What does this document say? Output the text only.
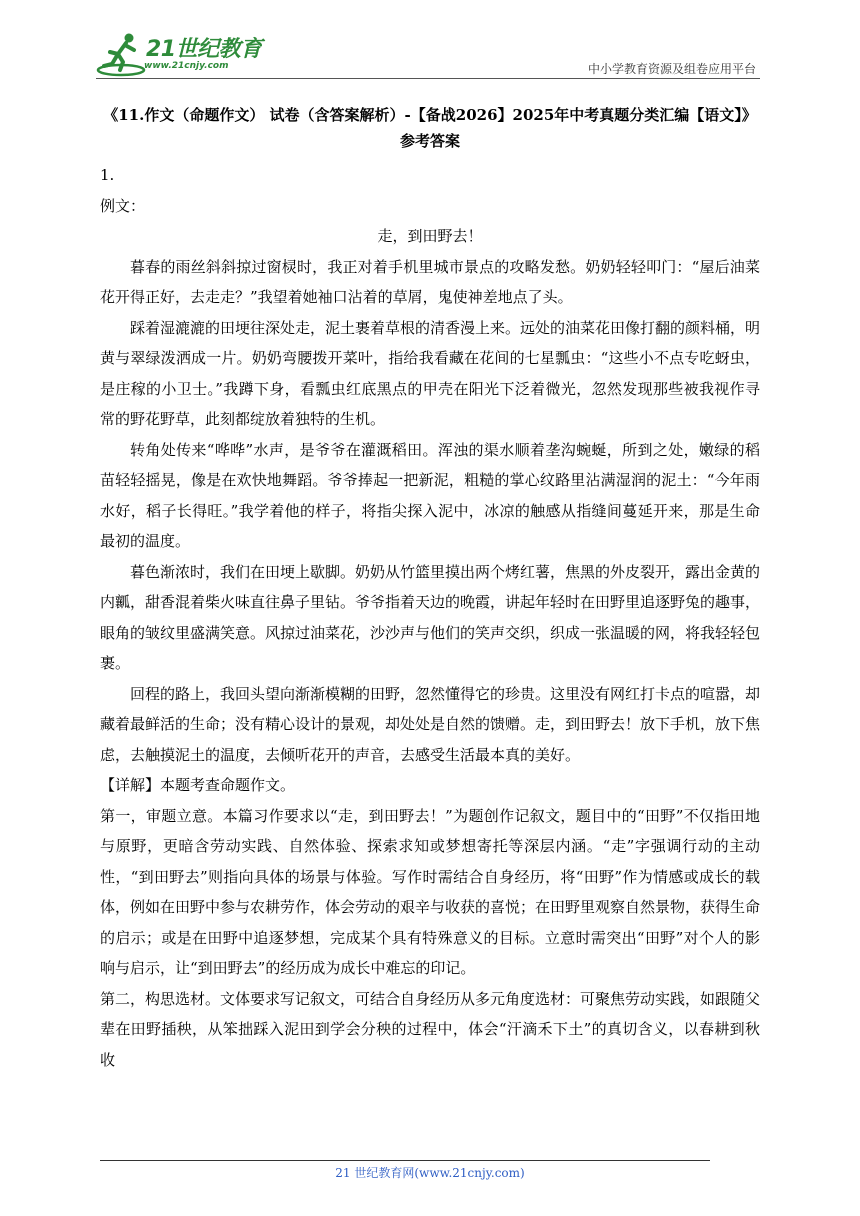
21世纪教育
www.21cnjy.com	中小学教育资源及组卷应用平台

《11.作文（命题作文） 试卷（含答案解析）-【备战2026】2025年中考真题分类汇编【语文】》

参考答案

1.

例文：

走，到田野去！

暮春的雨丝斜斜掠过窗棂时，我正对着手机里城市景点的攻略发愁。奶奶轻轻叩门：“屋后油菜花开得正好，去走走？”我望着她袖口沾着的草屑，鬼使神差地点了头。

踩着湿漉漉的田埂往深处走，泥土裹着草根的清香漫上来。远处的油菜花田像打翻的颜料桶，明黄与翠绿泼洒成一片。奶奶弯腰拨开菜叶，指给我看藏在花间的七星瓢虫：“这些小不点专吃蚜虫，是庄稼的小卫士。”我蹲下身，看瓢虫红底黑点的甲壳在阳光下泛着微光，忽然发现那些被我视作寻常的野花野草，此刻都绽放着独特的生机。

转角处传来“哗哗”水声，是爷爷在灌溉稻田。浑浊的渠水顺着垄沟蜿蜒，所到之处，嫩绿的稻苗轻轻摇晃，像是在欢快地舞蹈。爷爷捧起一把新泥，粗糙的掌心纹路里沾满湿润的泥土：“今年雨水好，稻子长得旺。”我学着他的样子，将指尖探入泥中，冰凉的触感从指缝间蔓延开来，那是生命最初的温度。

暮色渐浓时，我们在田埂上歇脚。奶奶从竹篮里摸出两个烤红薯，焦黑的外皮裂开，露出金黄的内瓤，甜香混着柴火味直往鼻子里钻。爷爷指着天边的晚霞，讲起年轻时在田野里追逐野兔的趣事，眼角的皱纹里盛满笑意。风掠过油菜花，沙沙声与他们的笑声交织，织成一张温暖的网，将我轻轻包裹。

回程的路上，我回头望向渐渐模糊的田野，忽然懂得它的珍贵。这里没有网红打卡点的喧嚣，却藏着最鲜活的生命；没有精心设计的景观，却处处是自然的馈赠。走，到田野去！放下手机，放下焦虑，去触摸泥土的温度，去倾听花开的声音，去感受生活最本真的美好。

【详解】本题考查命题作文。

第一，审题立意。本篇习作要求以“走，到田野去！”为题创作记叙文，题目中的“田野”不仅指田地与原野，更暗含劳动实践、自然体验、探索求知或梦想寄托等深层内涵。“走”字强调行动的主动性，“到田野去”则指向具体的场景与体验。写作时需结合自身经历，将“田野”作为情感或成长的载体，例如在田野中参与农耕劳作，体会劳动的艰辛与收获的喜悦；在田野里观察自然景物，获得生命的启示；或是在田野中追逐梦想，完成某个具有特殊意义的目标。立意时需突出“田野”对个人的影响与启示，让“到田野去”的经历成为成长中难忘的印记。

第二，构思选材。文体要求写记叙文，可结合自身经历从多元角度选材：可聚焦劳动实践，如跟随父辈在田野插秧，从笨拙踩入泥田到学会分秧的过程中，体会“汗滴禾下土”的真切含义，以春耕到秋收

21 世纪教育网(www.21cnjy.com)
